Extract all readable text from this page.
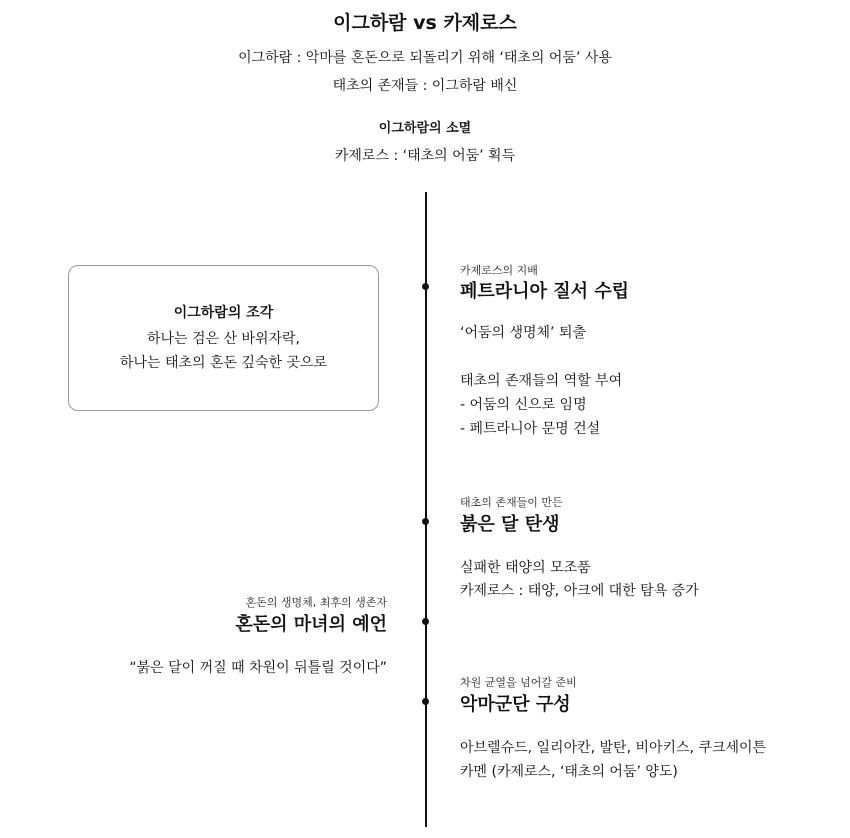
이그하람 vs 카제로스
이그하람 : 악마를 혼돈으로 되돌리기 위해 ‘태초의 어둠’ 사용
태초의 존재들 : 이그하람 배신
이그하람의 소멸
카제로스 : ‘태초의 어둠’ 획득
이그하람의 조각
하나는 검은 산 바위자락,
하나는 태초의 혼돈 깊숙한 곳으로
카제로스의 지배
페트라니아 질서 수립
‘어둠의 생명체’ 퇴출
태초의 존재들의 역할 부여
- 어둠의 신으로 임명
- 페트라니아 문명 건설
태초의 존재들이 만든
붉은 달 탄생
실패한 태양의 모조품
카제로스 : 태양, 아크에 대한 탐욕 증가
혼돈의 생명체, 최후의 생존자
혼돈의 마녀의 예언
“붉은 달이 꺼질 때 차원이 뒤틀릴 것이다”
차원 균열을 넘어갈 준비
악마군단 구성
아브렐슈드, 일리아칸, 발탄, 비아키스, 쿠크세이튼
카멘 (카제로스, ‘태초의 어둠’ 양도)
